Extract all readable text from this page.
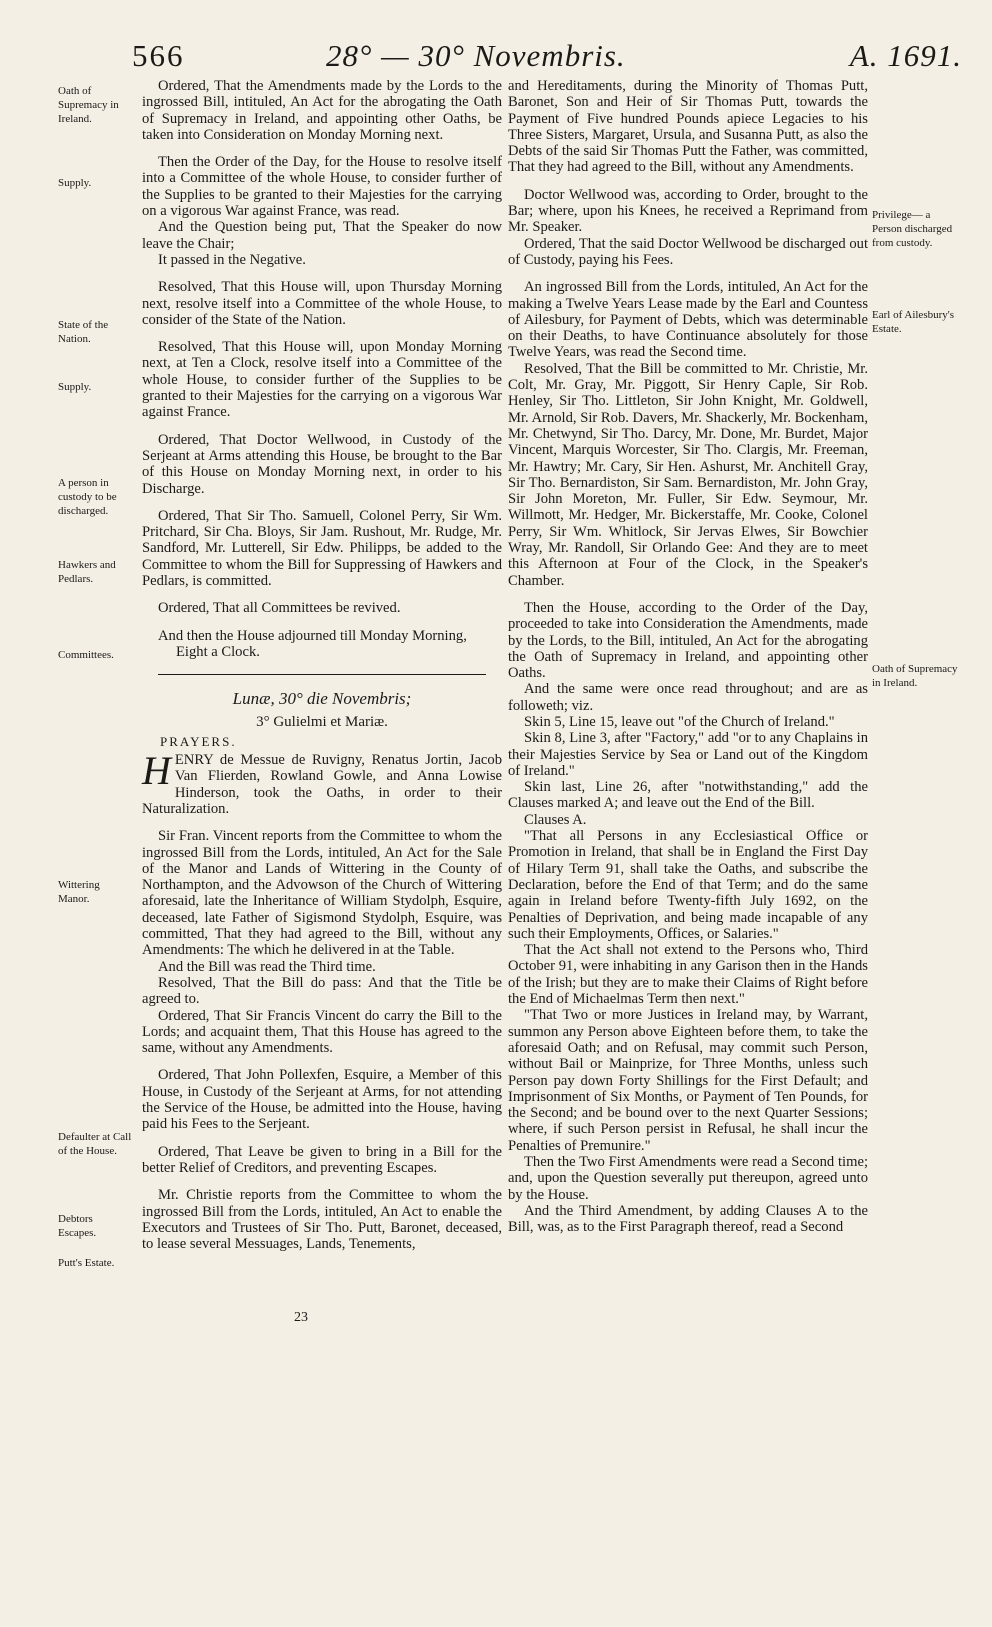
566	28° — 30° Novembris.	A. 1691.
Oath of Supremacy in Ireland.
Supply.
State of the Nation.
Supply.
A person in custody to be discharged.
Hawkers and Pedlars.
Committees.
Wittering Manor.
Defaulter at Call of the House.
Debtors Escapes.
Putt's Estate.
Privilege— a Person discharged from custody.
Earl of Ailesbury's Estate.
Oath of Supremacy in Ireland.

Ordered, That the Amendments made by the Lords to the ingrossed Bill, intituled, An Act for the abrogating the Oath of Supremacy in Ireland, and appointing other Oaths, be taken into Consideration on Monday Morning next.

Then the Order of the Day, for the House to resolve itself into a Committee of the whole House, to consider further of the Supplies to be granted to their Majesties for the carrying on a vigorous War against France, was read.

And the Question being put, That the Speaker do now leave the Chair;

It passed in the Negative.

Resolved, That this House will, upon Thursday Morning next, resolve itself into a Committee of the whole House, to consider of the State of the Nation.

Resolved, That this House will, upon Monday Morning next, at Ten a Clock, resolve itself into a Committee of the whole House, to consider further of the Supplies to be granted to their Majesties for the carrying on a vigorous War against France.

Ordered, That Doctor Wellwood, in Custody of the Serjeant at Arms attending this House, be brought to the Bar of this House on Monday Morning next, in order to his Discharge.

Ordered, That Sir Tho. Samuell, Colonel Perry, Sir Wm. Pritchard, Sir Cha. Bloys, Sir Jam. Rushout, Mr. Rudge, Mr. Sandford, Mr. Lutterell, Sir Edw. Philipps, be added to the Committee to whom the Bill for Suppressing of Hawkers and Pedlars, is committed.

Ordered, That all Committees be revived.

And then the House adjourned till Monday Morning, Eight a Clock.

Lunæ, 30° die Novembris;
3° Gulielmi et Mariæ.
PRAYERS.

HENRY de Messue de Ruvigny, Renatus Jortin, Jacob Van Flierden, Rowland Gowle, and Anna Lowise Hinderson, took the Oaths, in order to their Naturalization.

Sir Fran. Vincent reports from the Committee to whom the ingrossed Bill from the Lords, intituled, An Act for the Sale of the Manor and Lands of Wittering in the County of Northampton, and the Advowson of the Church of Wittering aforesaid, late the Inheritance of William Stydolph, Esquire, deceased, late Father of Sigismond Stydolph, Esquire, was committed, That they had agreed to the Bill, without any Amendments: The which he delivered in at the Table.

And the Bill was read the Third time.

Resolved, That the Bill do pass: And that the Title be agreed to.

Ordered, That Sir Francis Vincent do carry the Bill to the Lords; and acquaint them, That this House has agreed to the same, without any Amendments.

Ordered, That John Pollexfen, Esquire, a Member of this House, in Custody of the Serjeant at Arms, for not attending the Service of the House, be admitted into the House, having paid his Fees to the Serjeant.

Ordered, That Leave be given to bring in a Bill for the better Relief of Creditors, and preventing Escapes.

Mr. Christie reports from the Committee to whom the ingrossed Bill from the Lords, intituled, An Act to enable the Executors and Trustees of Sir Tho. Putt, Baronet, deceased, to lease several Messuages, Lands, Tenements,

23

and Hereditaments, during the Minority of Thomas Putt, Baronet, Son and Heir of Sir Thomas Putt, towards the Payment of Five hundred Pounds apiece Legacies to his Three Sisters, Margaret, Ursula, and Susanna Putt, as also the Debts of the said Sir Thomas Putt the Father, was committed, That they had agreed to the Bill, without any Amendments.

Doctor Wellwood was, according to Order, brought to the Bar; where, upon his Knees, he received a Reprimand from Mr. Speaker.

Ordered, That the said Doctor Wellwood be discharged out of Custody, paying his Fees.

An ingrossed Bill from the Lords, intituled, An Act for the making a Twelve Years Lease made by the Earl and Countess of Ailesbury, for Payment of Debts, which was determinable on their Deaths, to have Continuance absolutely for those Twelve Years, was read the Second time.

Resolved, That the Bill be committed to Mr. Christie, Mr. Colt, Mr. Gray, Mr. Piggott, Sir Henry Caple, Sir Rob. Henley, Sir Tho. Littleton, Sir John Knight, Mr. Goldwell, Mr. Arnold, Sir Rob. Davers, Mr. Shackerly, Mr. Bockenham, Mr. Chetwynd, Sir Tho. Darcy, Mr. Done, Mr. Burdet, Major Vincent, Marquis Worcester, Sir Tho. Clargis, Mr. Freeman, Mr. Hawtry; Mr. Cary, Sir Hen. Ashurst, Mr. Anchitell Gray, Sir Tho. Bernardiston, Sir Sam. Bernardiston, Mr. John Gray, Sir John Moreton, Mr. Fuller, Sir Edw. Seymour, Mr. Willmott, Mr. Hedger, Mr. Bickerstaffe, Mr. Cooke, Colonel Perry, Sir Wm. Whitlock, Sir Jervas Elwes, Sir Bowchier Wray, Mr. Randoll, Sir Orlando Gee: And they are to meet this Afternoon at Four of the Clock, in the Speaker's Chamber.

Then the House, according to the Order of the Day, proceeded to take into Consideration the Amendments, made by the Lords, to the Bill, intituled, An Act for the abrogating the Oath of Supremacy in Ireland, and appointing other Oaths.

And the same were once read throughout; and are as followeth; viz.

Skin 5, Line 15, leave out "of the Church of Ireland."

Skin 8, Line 3, after "Factory," add "or to any Chaplains in their Majesties Service by Sea or Land out of the Kingdom of Ireland."

Skin last, Line 26, after "notwithstanding," add the Clauses marked A; and leave out the End of the Bill.

Clauses A.

"That all Persons in any Ecclesiastical Office or Promotion in Ireland, that shall be in England the First Day of Hilary Term 91, shall take the Oaths, and subscribe the Declaration, before the End of that Term; and do the same again in Ireland before Twenty-fifth July 1692, on the Penalties of Deprivation, and being made incapable of any such their Employments, Offices, or Salaries."

That the Act shall not extend to the Persons who, Third October 91, were inhabiting in any Garison then in the Hands of the Irish; but they are to make their Claims of Right before the End of Michaelmas Term then next."

"That Two or more Justices in Ireland may, by Warrant, summon any Person above Eighteen before them, to take the aforesaid Oath; and on Refusal, may commit such Person, without Bail or Mainprize, for Three Months, unless such Person pay down Forty Shillings for the First Default; and Imprisonment of Six Months, or Payment of Ten Pounds, for the Second; and be bound over to the next Quarter Sessions; where, if such Person persist in Refusal, he shall incur the Penalties of Premunire."

Then the Two First Amendments were read a Second time; and, upon the Question severally put thereupon, agreed unto by the House.

And the Third Amendment, by adding Clauses A to the Bill, was, as to the First Paragraph thereof, read a Second
